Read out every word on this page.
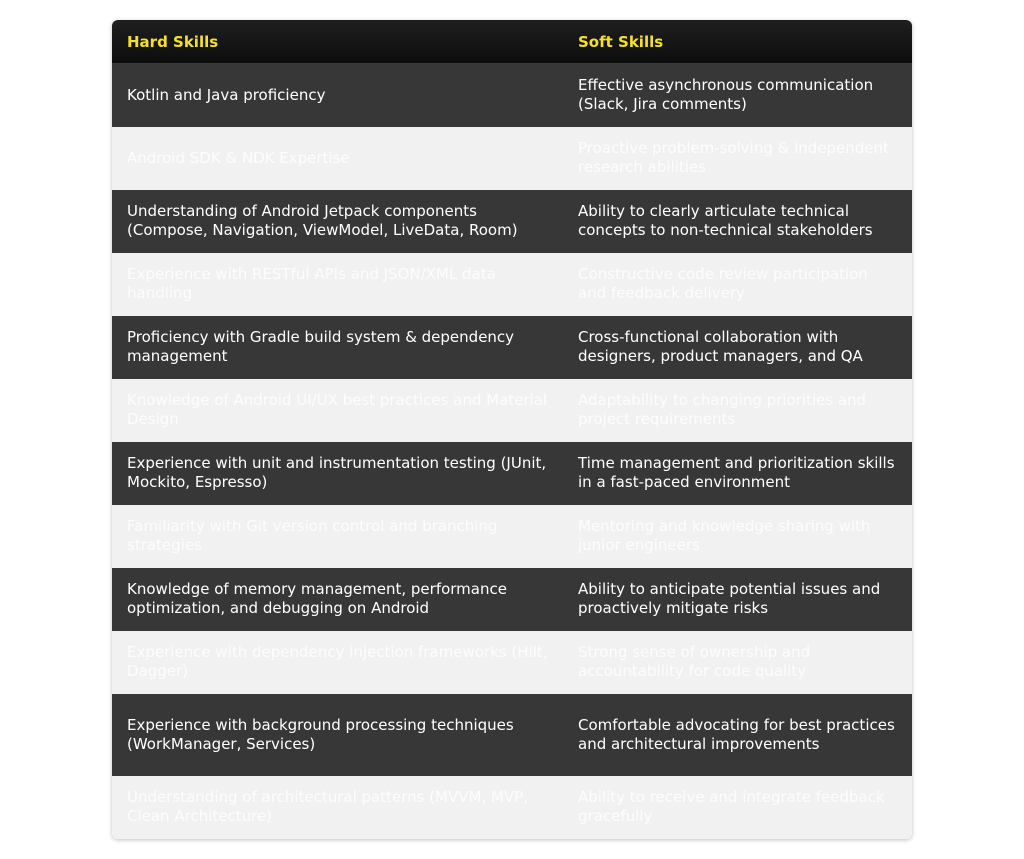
Hard Skills	Soft Skills
Kotlin and Java proficiency	Effective asynchronous communication (Slack, Jira comments)
Android SDK & NDK Expertise	Proactive problem-solving & independent research abilities
Understanding of Android Jetpack components (Compose, Navigation, ViewModel, LiveData, Room)	Ability to clearly articulate technical concepts to non-technical stakeholders
Experience with RESTful APIs and JSON/XML data handling	Constructive code review participation and feedback delivery
Proficiency with Gradle build system & dependency management	Cross-functional collaboration with designers, product managers, and QA
Knowledge of Android UI/UX best practices and Material Design	Adaptability to changing priorities and project requirements
Experience with unit and instrumentation testing (JUnit, Mockito, Espresso)	Time management and prioritization skills in a fast-paced environment
Familiarity with Git version control and branching strategies	Mentoring and knowledge sharing with junior engineers
Knowledge of memory management, performance optimization, and debugging on Android	Ability to anticipate potential issues and proactively mitigate risks
Experience with dependency injection frameworks (Hilt, Dagger)	Strong sense of ownership and accountability for code quality
Experience with background processing techniques (WorkManager, Services)	Comfortable advocating for best practices and architectural improvements
Understanding of architectural patterns (MVVM, MVP, Clean Architecture)	Ability to receive and integrate feedback gracefully
